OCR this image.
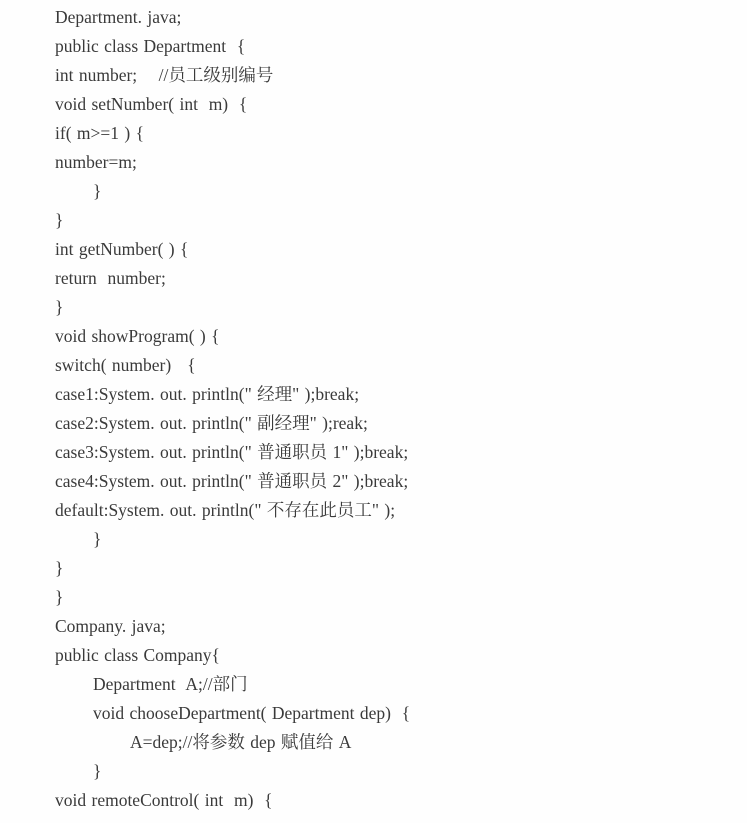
Department. java;
public class Department  {
int number;    //员工级别编号
void setNumber( int  m)  {
if( m>=1 ) {
number=m;
}
}
int getNumber( ) {
return  number;
}
void showProgram( ) {
switch( number)   {
case1:System. out. println(" 经理" );break;
case2:System. out. println(" 副经理" );reak;
case3:System. out. println(" 普通职员 1" );break;
case4:System. out. println(" 普通职员 2" );break;
default:System. out. println(" 不存在此员工" );
}
}
}
Company. java;
public class Company{
Department  A;//部门
void chooseDepartment( Department dep)  {
A=dep;//将参数 dep 赋值给 A
}
void remoteControl( int  m)  {
